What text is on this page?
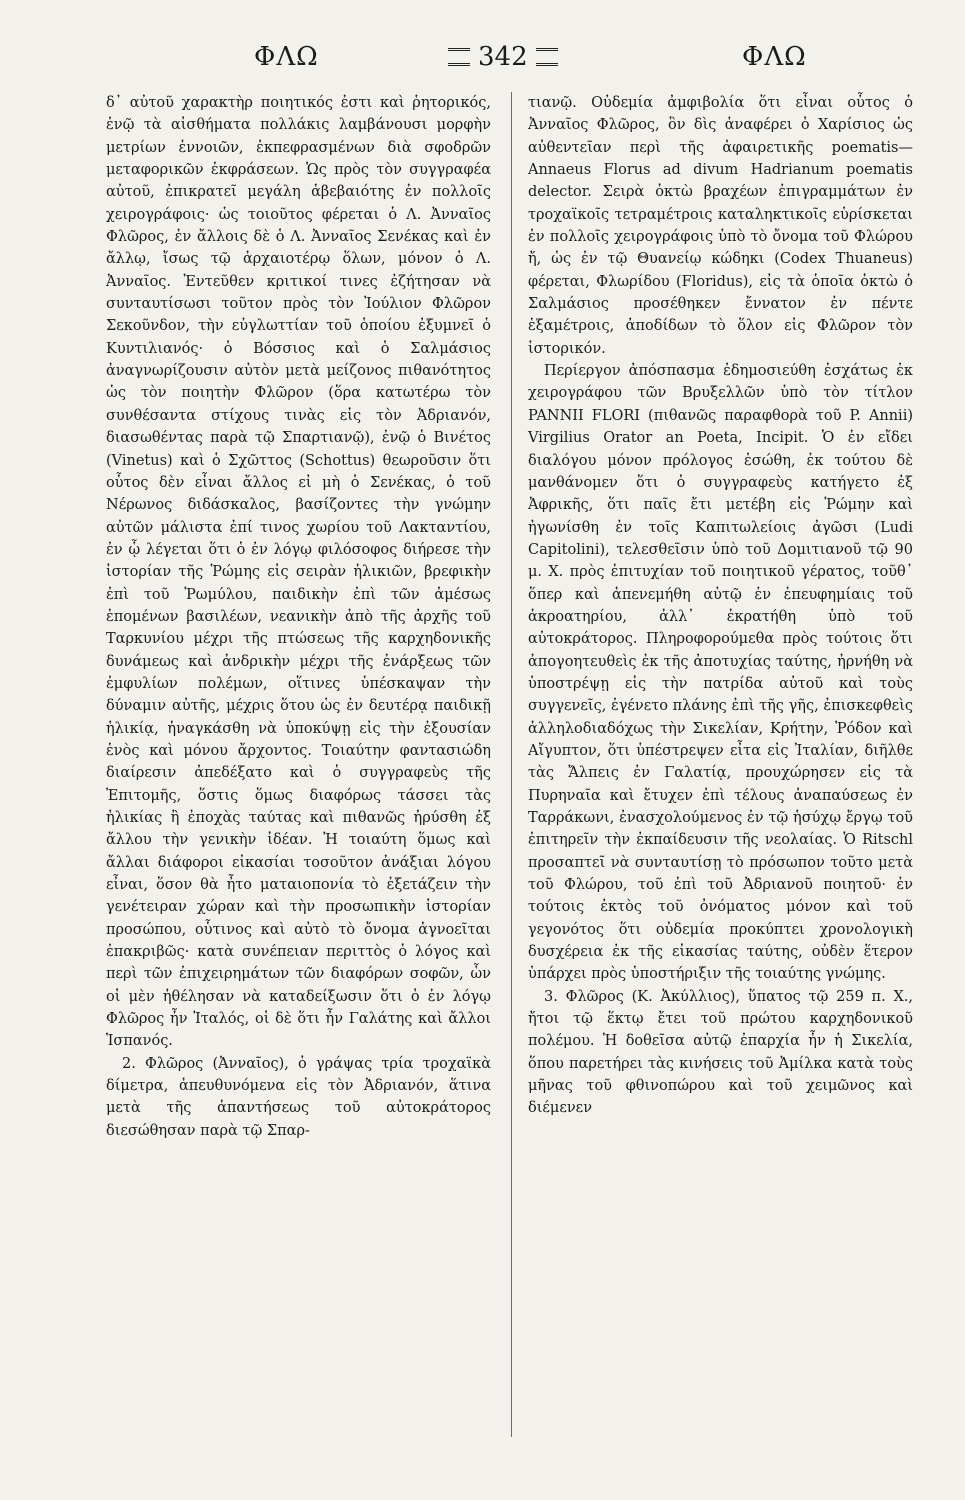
ΦΛΩ	342	ΦΛΩ

δ᾽ αὐτοῦ χαρακτὴρ ποιητικός ἐστι καὶ ῥητορικός, ἐνῷ τὰ αἰσθήματα πολλάκις λαμβάνουσι μορφὴν μετρίων ἐννοιῶν, ἐκπεφρασμένων διὰ σφοδρῶν μεταφορικῶν ἐκφράσεων. Ὡς πρὸς τὸν συγγραφέα αὐτοῦ, ἐπικρατεῖ μεγάλη ἀβεβαιότης ἐν πολλοῖς χειρογράφοις· ὡς τοιοῦτος φέρεται ὁ Λ. Ἀνναῖος Φλῶρος, ἐν ἄλλοις δὲ ὁ Λ. Ἀνναῖος Σενέκας καὶ ἐν ἄλλῳ, ἴσως τῷ ἀρχαιοτέρῳ ὅλων, μόνον ὁ Λ. Ἀνναῖος. Ἐντεῦθεν κριτικοί τινες ἐζήτησαν νὰ συνταυτίσωσι τοῦτον πρὸς τὸν Ἰούλιον Φλῶρον Σεκοῦνδον, τὴν εὐγλωττίαν τοῦ ὁποίου ἐξυμνεῖ ὁ Κυντιλιανός· ὁ Βόσσιος καὶ ὁ Σαλμάσιος ἀναγνωρίζουσιν αὐτὸν μετὰ μείζονος πιθανότητος ὡς τὸν ποιητὴν Φλῶρον (ὅρα κατωτέρω τὸν συνθέσαντα στίχους τινὰς εἰς τὸν Ἀδριανόν, διασωθέντας παρὰ τῷ Σπαρτιανῷ), ἐνῷ ὁ Βινέτος (Vinetus) καὶ ὁ Σχῶττος (Schottus) θεωροῦσιν ὅτι οὗτος δὲν εἶναι ἄλλος εἰ μὴ ὁ Σενέκας, ὁ τοῦ Νέρωνος διδάσκαλος, βασίζοντες τὴν γνώμην αὐτῶν μάλιστα ἐπί τινος χωρίου τοῦ Λακταντίου, ἐν ᾧ λέγεται ὅτι ὁ ἐν λόγῳ φιλόσοφος διήρεσε τὴν ἱστορίαν τῆς Ῥώμης εἰς σειρὰν ἡλικιῶν, βρεφικὴν ἐπὶ τοῦ Ῥωμύλου, παιδικὴν ἐπὶ τῶν ἀμέσως ἑπομένων βασιλέων, νεανικὴν ἀπὸ τῆς ἀρχῆς τοῦ Ταρκυνίου μέχρι τῆς πτώσεως τῆς καρχηδονικῆς δυνάμεως καὶ ἀνδρικὴν μέχρι τῆς ἐνάρξεως τῶν ἐμφυλίων πολέμων, οἵτινες ὑπέσκαψαν τὴν δύναμιν αὐτῆς, μέχρις ὅτου ὡς ἐν δευτέρᾳ παιδικῇ ἡλικίᾳ, ἠναγκάσθη νὰ ὑποκύψῃ εἰς τὴν ἐξουσίαν ἑνὸς καὶ μόνου ἄρχοντος. Τοιαύτην φαντασιώδη διαίρεσιν ἀπεδέξατο καὶ ὁ συγγραφεὺς τῆς Ἐπιτομῆς, ὅστις ὅμως διαφόρως τάσσει τὰς ἡλικίας ἢ ἐποχὰς ταύτας καὶ πιθανῶς ἠρύσθη ἐξ ἄλλου τὴν γενικὴν ἰδέαν. Ἡ τοιαύτη ὅμως καὶ ἄλλαι διάφοροι εἰκασίαι τοσοῦτον ἀνάξιαι λόγου εἶναι, ὅσον θὰ ἦτο ματαιοπονία τὸ ἐξετάζειν τὴν γενέτειραν χώραν καὶ τὴν προσωπικὴν ἱστορίαν προσώπου, οὗτινος καὶ αὐτὸ τὸ ὄνομα ἀγνοεῖται ἐπακριβῶς· κατὰ συνέπειαν περιττὸς ὁ λόγος καὶ περὶ τῶν ἐπιχειρημάτων τῶν διαφόρων σοφῶν, ὧν οἱ μὲν ἠθέλησαν νὰ καταδείξωσιν ὅτι ὁ ἐν λόγῳ Φλῶρος ἦν Ἰταλός, οἱ δὲ ὅτι ἦν Γαλάτης καὶ ἄλλοι Ἱσπανός.

2. Φλῶρος (Ἀνναῖος), ὁ γράψας τρία τροχαϊκὰ δίμετρα, ἀπευθυνόμενα εἰς τὸν Ἀδριανόν, ἅτινα μετὰ τῆς ἀπαντήσεως τοῦ αὐτοκράτορος διεσώθησαν παρὰ τῷ Σπαρ-

τιανῷ. Οὐδεμία ἀμφιβολία ὅτι εἶναι οὗτος ὁ Ἀνναῖος Φλῶρος, ὃν δὶς ἀναφέρει ὁ Χαρίσιος ὡς αὐθεντεῖαν περὶ τῆς ἀφαιρετικῆς poematis—Annaeus Florus ad divum Hadrianum poematis delector. Σειρὰ ὀκτὼ βραχέων ἐπιγραμμάτων ἐν τροχαϊκοῖς τετραμέτροις καταληκτικοῖς εὑρίσκεται ἐν πολλοῖς χειρογράφοις ὑπὸ τὸ ὄνομα τοῦ Φλώρου ἤ, ὡς ἐν τῷ Θυανείῳ κώδηκι (Codex Thuaneus) φέρεται, Φλωρίδου (Floridus), εἰς τὰ ὁποῖα ὀκτὼ ὁ Σαλμάσιος προσέθηκεν ἔννατον ἐν πέντε ἑξαμέτροις, ἀποδίδων τὸ ὅλον εἰς Φλῶρον τὸν ἱστορικόν.

Περίεργον ἀπόσπασμα ἐδημοσιεύθη ἐσχάτως ἐκ χειρογράφου τῶν Βρυξελλῶν ὑπὸ τὸν τίτλον PANNII FLORI (πιθανῶς παραφθορὰ τοῦ P. Annii) Virgilius Orator an Poeta, Incipit. Ὁ ἐν εἴδει διαλόγου μόνον πρόλογος ἐσώθη, ἐκ τούτου δὲ μανθάνομεν ὅτι ὁ συγγραφεὺς κατήγετο ἐξ Ἀφρικῆς, ὅτι παῖς ἔτι μετέβη εἰς Ῥώμην καὶ ἠγωνίσθη ἐν τοῖς Καπιτωλείοις ἀγῶσι (Ludi Capitolini), τελεσθεῖσιν ὑπὸ τοῦ Δομιτιανοῦ τῷ 90 μ. Χ. πρὸς ἐπιτυχίαν τοῦ ποιητικοῦ γέρατος, τοῦθ᾽ ὅπερ καὶ ἀπενεμήθη αὐτῷ ἐν ἐπευφημίαις τοῦ ἀκροατηρίου, ἀλλ᾽ ἐκρατήθη ὑπὸ τοῦ αὐτοκράτορος. Πληροφορούμεθα πρὸς τούτοις ὅτι ἀπογοητευθεὶς ἐκ τῆς ἀποτυχίας ταύτης, ἠρνήθη νὰ ὑποστρέψῃ εἰς τὴν πατρίδα αὐτοῦ καὶ τοὺς συγγενεῖς, ἐγένετο πλάνης ἐπὶ τῆς γῆς, ἐπισκεφθεὶς ἀλληλοδιαδόχως τὴν Σικελίαν, Κρήτην, Ῥόδον καὶ Αἴγυπτον, ὅτι ὑπέστρεψεν εἶτα εἰς Ἰταλίαν, διῆλθε τὰς Ἄλπεις ἐν Γαλατίᾳ, προυχώρησεν εἰς τὰ Πυρηναῖα καὶ ἔτυχεν ἐπὶ τέλους ἀναπαύσεως ἐν Ταρράκωνι, ἐνασχολούμενος ἐν τῷ ἡσύχῳ ἔργῳ τοῦ ἐπιτηρεῖν τὴν ἐκπαίδευσιν τῆς νεολαίας. Ὁ Ritschl προσαπτεῖ νὰ συνταυτίσῃ τὸ πρόσωπον τοῦτο μετὰ τοῦ Φλώρου, τοῦ ἐπὶ τοῦ Ἀδριανοῦ ποιητοῦ· ἐν τούτοις ἐκτὸς τοῦ ὀνόματος μόνον καὶ τοῦ γεγονότος ὅτι οὐδεμία προκύπτει χρονολογικὴ δυσχέρεια ἐκ τῆς εἰκασίας ταύτης, οὐδὲν ἕτερον ὑπάρχει πρὸς ὑποστήριξιν τῆς τοιαύτης γνώμης.

3. Φλῶρος (Κ. Ἀκύλλιος), ὕπατος τῷ 259 π. Χ., ἤτοι τῷ ἕκτῳ ἔτει τοῦ πρώτου καρχηδονικοῦ πολέμου. Ἡ δοθεῖσα αὐτῷ ἐπαρχία ἦν ἡ Σικελία, ὅπου παρετήρει τὰς κινήσεις τοῦ Ἀμίλκα κατὰ τοὺς μῆνας τοῦ φθινοπώρου καὶ τοῦ χειμῶνος καὶ διέμενεν
